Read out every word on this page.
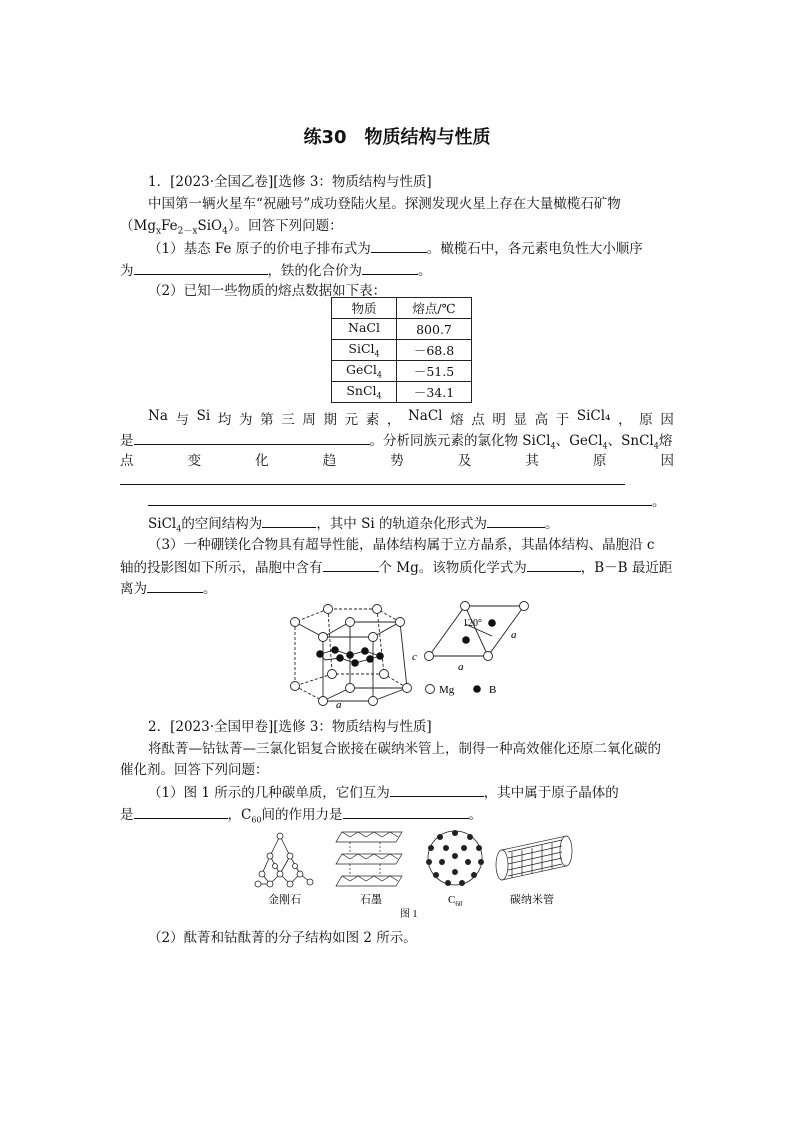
练30　物质结构与性质
1．[2023·全国乙卷][选修 3：物质结构与性质]
中国第一辆火星车“祝融号”成功登陆火星。探测发现火星上存在大量橄榄石矿物
$(Mg_xFe_{2-x}SiO_4)$。回答下列问题：
（1）基态 Fe 原子的价电子排布式为	。橄榄石中，各元素电负性大小顺序
为	，铁的化合价为	。
（2）已知一些物质的熔点数据如下表：
物质	熔点/℃
NaCl	800.7
SiCl$_4$	－68.8
GeCl$_4$	－51.5
SnCl$_4$	－34.1
Na 与 Si 均 为 第 三 周 期 元 素 ， NaCl 熔 点 明 显 高 于 SiCl₄ ， 原 因
是	。分析同族元素的氯化物 SiCl$_4$、GeCl$_4$、SnCl$_4$熔
点	变	化	趋	势	及	其	原	因
。
SiCl$_4$的空间结构为	，其中 Si 的轨道杂化形式为	。
（3）一种硼镁化合物具有超导性能，晶体结构属于立方晶系，其晶体结构、晶胞沿 c
轴的投影图如下所示，晶胞中含有	个 Mg。该物质化学式为	，B－B 最近距
离为	。
c
a
120°
a
a
Mg	B
2．[2023·全国甲卷][选修 3：物质结构与性质]
将酞菁—钴钛菁—三氯化铝复合嵌接在碳纳米管上，制得一种高效催化还原二氧化碳的
催化剂。回答下列问题：
（1）图 1 所示的几种碳单质，它们互为	，其中属于原子晶体的
是	，$C_{60}$间的作用力是	。
金刚石	石墨	$C_{60}$	碳纳米管
图 1
（2）酞菁和钴酞菁的分子结构如图 2 所示。
